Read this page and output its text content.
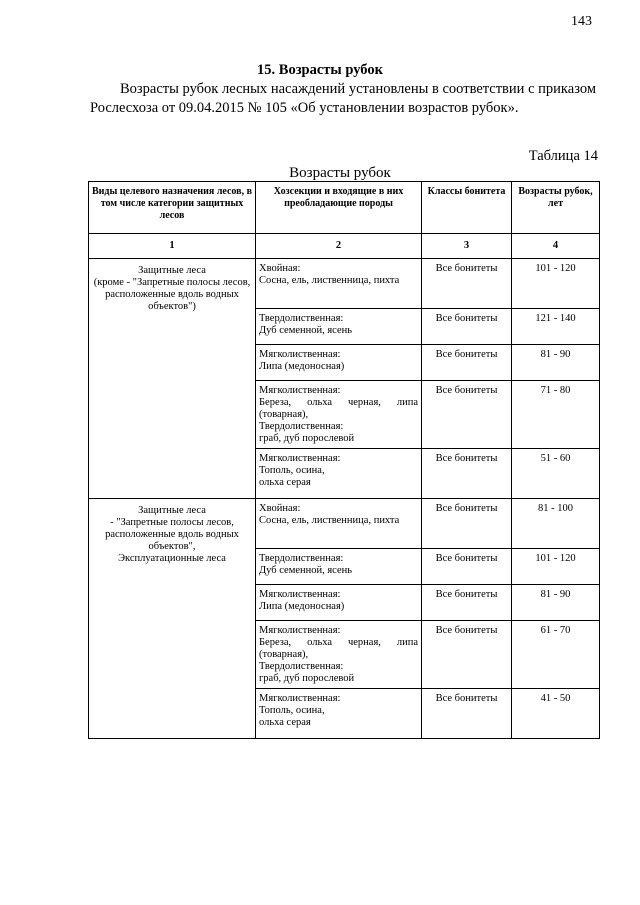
143
15. Возрасты рубок
Возрасты рубок лесных насаждений установлены в соответствии с приказом Рослесхоза от 09.04.2015 № 105 «Об установлении возрастов рубок».
Таблица 14
Возрасты рубок
Виды целевого назначения лесов, в том числе категории защитных лесов	Хозсекции и входящие в них преобладающие породы	Классы бонитета	Возрасты рубок, лет
1	2	3	4

Защитные леса
(кроме - "Запретные полосы лесов,
расположенные вдоль водных
объектов")	Хвойная:
Сосна, ель, лиственница, пихта	Все бонитеты	101 - 120

	Твердолиственная:
Дуб семенной, ясень	Все бонитеты	121 - 140

	Мягколиственная:
Липа (медоносная)	Все бонитеты	81 - 90

	Мягколиственная:
Береза, ольха черная, липа
(товарная),
Твердолиственная:
граб, дуб порослевой	Все бонитеты	71 - 80

	Мягколиственная:
Тополь, осина,
ольха серая	Все бонитеты	51 - 60

Защитные леса
- "Запретные полосы лесов,
расположенные вдоль водных
объектов",
Эксплуатационные леса	Хвойная:
Сосна, ель, лиственница, пихта	Все бонитеты	81 - 100

	Твердолиственная:
Дуб семенной, ясень	Все бонитеты	101 - 120

	Мягколиственная:
Липа (медоносная)	Все бонитеты	81 - 90

	Мягколиственная:
Береза, ольха черная, липа
(товарная),
Твердолиственная:
граб, дуб порослевой	Все бонитеты	61 - 70

	Мягколиственная:
Тополь, осина,
ольха серая	Все бонитеты	41 - 50
